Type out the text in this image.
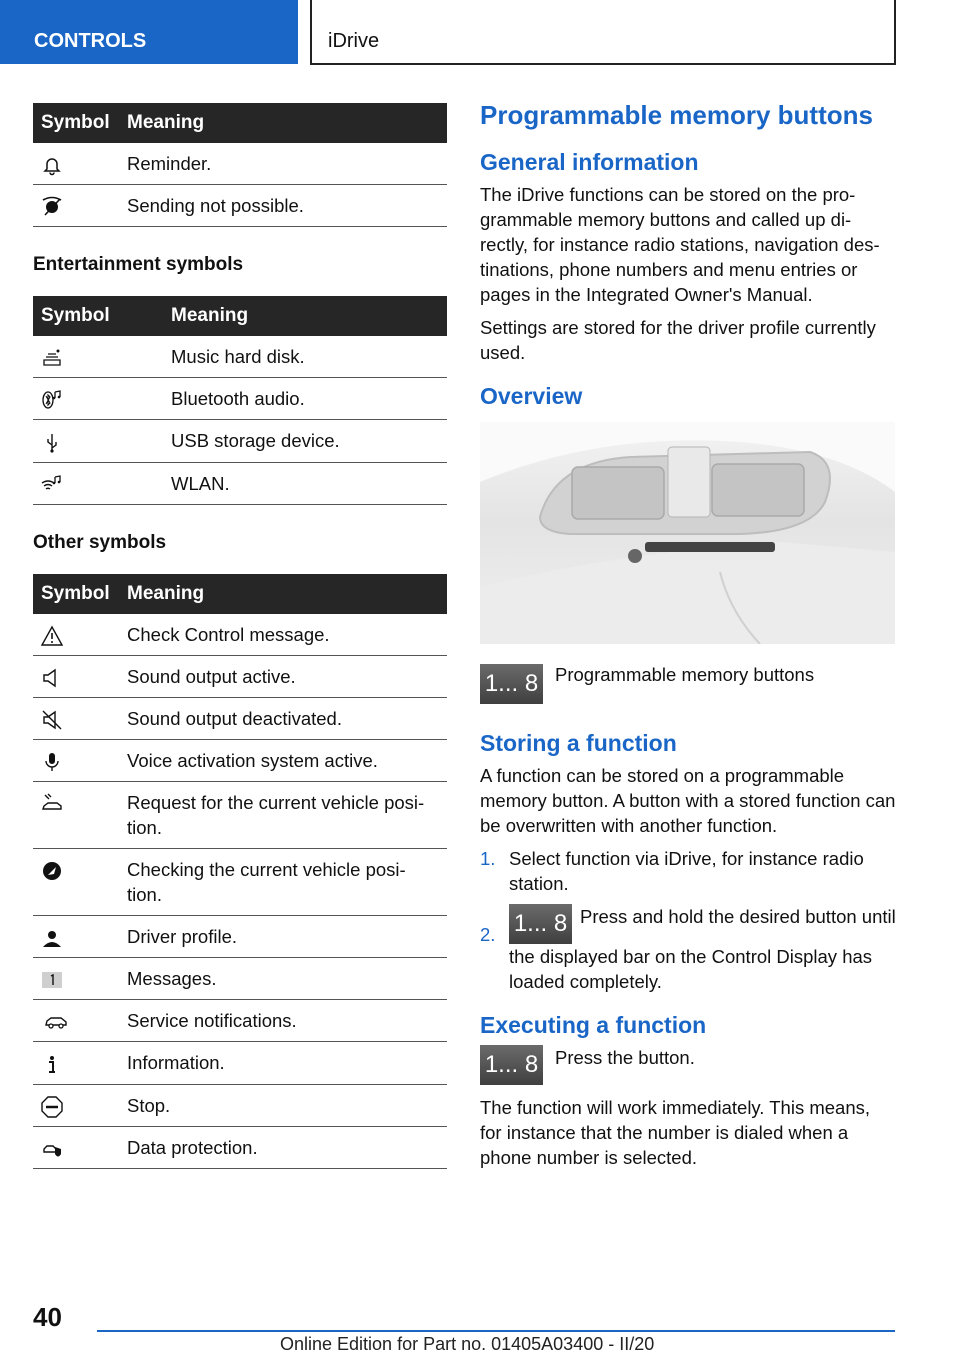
CONTROLS	iDrive
Symbol	Meaning
	Reminder.
	Sending not possible.
Entertainment symbols
Symbol	Meaning
	Music hard disk.
	Bluetooth audio.
	USB storage device.
	WLAN.
Other symbols
Symbol	Meaning
	Check Control message.
	Sound output active.
	Sound output deactivated.
	Voice activation system active.
	Request for the current vehicle posi‐tion.
	Checking the current vehicle posi‐tion.
	Driver profile.
	Messages.
	Service notifications.
	Information.
	Stop.
	Data protection.
Programmable memory buttons
General information

The iDrive functions can be stored on the pro‐grammable memory buttons and called up di‐rectly, for instance radio stations, navigation des‐tinations, phone numbers and menu entries or pages in the Integrated Owner's Manual.

Settings are stored for the driver profile currently used.

Overview
1... 8 Programmable memory buttons
Storing a function

A function can be stored on a programmable memory button. A button with a stored function can be overwritten with another function.

1. Select function via iDrive, for instance radio station.
2. 1... 8 Press and hold the desired button until the displayed bar on the Control Display has loaded completely.
Executing a function
1... 8 Press the button.

The function will work immediately. This means, for instance that the number is dialed when a phone number is selected.

40
Online Edition for Part no. 01405A03400 - II/20
